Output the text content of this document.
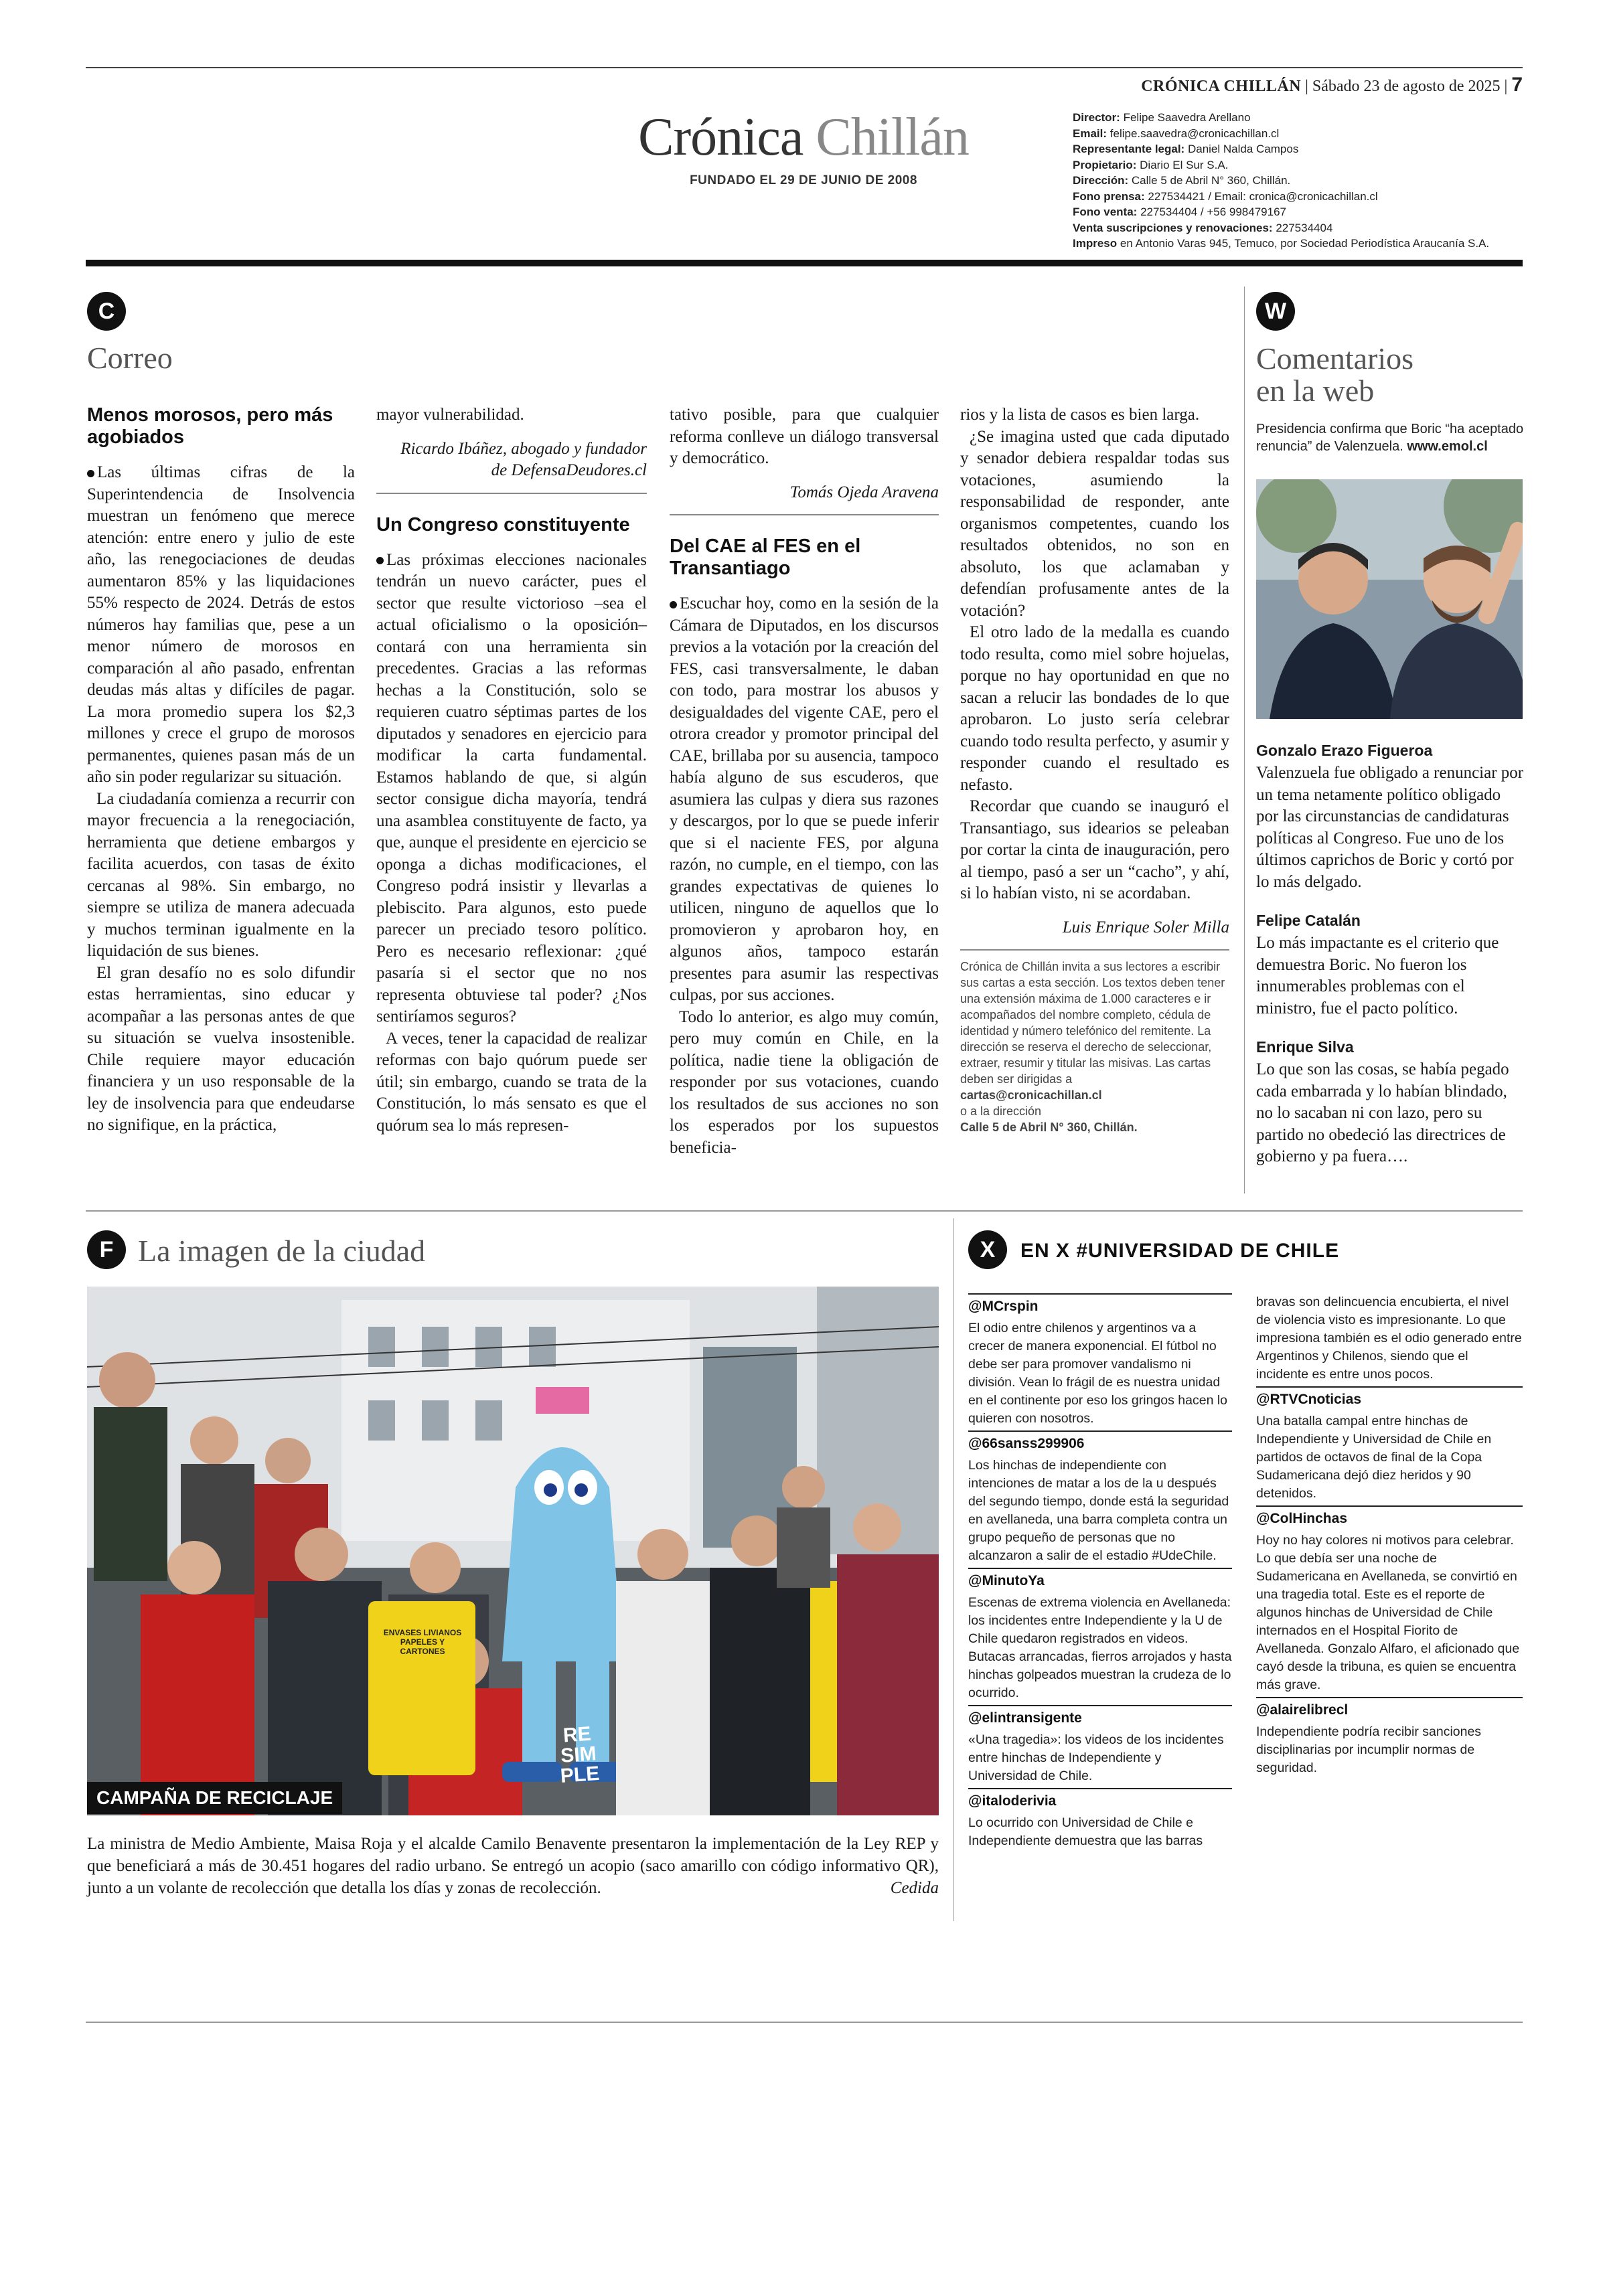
CRÓNICA CHILLÁN | Sábado 23 de agosto de 2025 | 7
Crónica Chillán
FUNDADO EL 29 DE JUNIO DE 2008
Director: Felipe Saavedra Arellano
Email: felipe.saavedra@cronicachillan.cl
Representante legal: Daniel Nalda Campos
Propietario: Diario El Sur S.A.
Dirección: Calle 5 de Abril N° 360, Chillán.
Fono prensa: 227534421 / Email: cronica@cronicachillan.cl
Fono venta: 227534404 / +56 998479167
Venta suscripciones y renovaciones: 227534404
Impreso en Antonio Varas 945, Temuco, por Sociedad Periodística Araucanía S.A.
C
Correo
Menos morosos, pero más agobiados

Las últimas cifras de la Superintendencia de Insolvencia muestran un fenómeno que merece atención: entre enero y julio de este año, las renegociaciones de deudas aumentaron 85% y las liquidaciones 55% respecto de 2024. Detrás de estos números hay familias que, pese a un menor número de morosos en comparación al año pasado, enfrentan deudas más altas y difíciles de pagar. La mora promedio supera los $2,3 millones y crece el grupo de morosos permanentes, quienes pasan más de un año sin poder regularizar su situación.

La ciudadanía comienza a recurrir con mayor frecuencia a la renegociación, herramienta que detiene embargos y facilita acuerdos, con tasas de éxito cercanas al 98%. Sin embargo, no siempre se utiliza de manera adecuada y muchos terminan igualmente en la liquidación de sus bienes.

El gran desafío no es solo difundir estas herramientas, sino educar y acompañar a las personas antes de que su situación se vuelva insostenible. Chile requiere mayor educación financiera y un uso responsable de la ley de insolvencia para que endeudarse no signifique, en la práctica,

mayor vulnerabilidad.

Ricardo Ibáñez, abogado y fundador de DefensaDeudores.cl

Un Congreso constituyente

Las próximas elecciones nacionales tendrán un nuevo carácter, pues el sector que resulte victorioso –sea el actual oficialismo o la oposición– contará con una herramienta sin precedentes. Gracias a las reformas hechas a la Constitución, solo se requieren cuatro séptimas partes de los diputados y senadores en ejercicio para modificar la carta fundamental. Estamos hablando de que, si algún sector consigue dicha mayoría, tendrá una asamblea constituyente de facto, ya que, aunque el presidente en ejercicio se oponga a dichas modificaciones, el Congreso podrá insistir y llevarlas a plebiscito. Para algunos, esto puede parecer un preciado tesoro político. Pero es necesario reflexionar: ¿qué pasaría si el sector que no nos representa obtuviese tal poder? ¿Nos sentiríamos seguros?

A veces, tener la capacidad de realizar reformas con bajo quórum puede ser útil; sin embargo, cuando se trata de la Constitución, lo más sensato es que el quórum sea lo más represen-

tativo posible, para que cualquier reforma conlleve un diálogo transversal y democrático.

Tomás Ojeda Aravena

Del CAE al FES en el Transantiago

Escuchar hoy, como en la sesión de la Cámara de Diputados, en los discursos previos a la votación por la creación del FES, casi transversalmente, le daban con todo, para mostrar los abusos y desigualdades del vigente CAE, pero el otrora creador y promotor principal del CAE, brillaba por su ausencia, tampoco había alguno de sus escuderos, que asumiera las culpas y diera sus razones y descargos, por lo que se puede inferir que si el naciente FES, por alguna razón, no cumple, en el tiempo, con las grandes expectativas de quienes lo utilicen, ninguno de aquellos que lo promovieron y aprobaron hoy, en algunos años, tampoco estarán presentes para asumir las respectivas culpas, por sus acciones.

Todo lo anterior, es algo muy común, pero muy común en Chile, en la política, nadie tiene la obligación de responder por sus votaciones, cuando los resultados de sus acciones no son los esperados por los supuestos beneficia-

rios y la lista de casos es bien larga.

¿Se imagina usted que cada diputado y senador debiera respaldar todas sus votaciones, asumiendo la responsabilidad de responder, ante organismos competentes, cuando los resultados obtenidos, no son en absoluto, los que aclamaban y defendían profusamente antes de la votación?

El otro lado de la medalla es cuando todo resulta, como miel sobre hojuelas, porque no hay oportunidad en que no sacan a relucir las bondades de lo que aprobaron. Lo justo sería celebrar cuando todo resulta perfecto, y asumir y responder cuando el resultado es nefasto.

Recordar que cuando se inauguró el Transantiago, sus idearios se peleaban por cortar la cinta de inauguración, pero al tiempo, pasó a ser un “cacho”, y ahí, si lo habían visto, ni se acordaban.

Luis Enrique Soler Milla

Crónica de Chillán invita a sus lectores a escribir sus cartas a esta sección. Los textos deben tener una extensión máxima de 1.000 caracteres e ir acompañados del nombre completo, cédula de identidad y número telefónico del remitente. La dirección se reserva el derecho de seleccionar, extraer, resumir y titular las misivas. Las cartas deben ser dirigidas a
cartas@cronicachillan.cl
o a la dirección
Calle 5 de Abril N° 360, Chillán.
W
Comentarios
en la web
Presidencia confirma que Boric “ha aceptado renuncia” de Valenzuela. www.emol.cl
Gonzalo Erazo Figueroa

Valenzuela fue obligado a renunciar por un tema netamente político obligado por las circunstancias de candidaturas políticas al Congreso. Fue uno de los últimos caprichos de Boric y cortó por lo más delgado.

Felipe Catalán

Lo más impactante es el criterio que demuestra Boric. No fueron los innumerables problemas con el ministro, fue el pacto político.

Enrique Silva

Lo que son las cosas, se había pegado cada embarrada y lo habían blindado, no lo sacaban ni con lazo, pero su partido no obedeció las directrices de gobierno y pa fuera….

F La imagen de la ciudad
RE SIM PLE
ENVASES LIVIANOS PAPELES Y CARTONES
CAMPAÑA DE RECICLAJE
La ministra de Medio Ambiente, Maisa Roja y el alcalde Camilo Benavente presentaron la implementación de la Ley REP y que beneficiará a más de 30.451 hogares del radio urbano. Se entregó un acopio (saco amarillo con código informativo QR), junto a un volante de recolección que detalla los días y zonas de recolección.	Cedida
X	EN X #UNIVERSIDAD DE CHILE
@MCrspin

El odio entre chilenos y argentinos va a crecer de manera exponencial. El fútbol no debe ser para promover vandalismo ni división. Vean lo frágil de es nuestra unidad en el continente por eso los gringos hacen lo quieren con nosotros.

@66sanss299906

Los hinchas de independiente con intenciones de matar a los de la u después del segundo tiempo, donde está la seguridad en avellaneda, una barra completa contra un grupo pequeño de personas que no alcanzaron a salir de el estadio #UdeChile.

@MinutoYa

Escenas de extrema violencia en Avellaneda: los incidentes entre Independiente y la U de Chile quedaron registrados en videos. Butacas arrancadas, fierros arrojados y hasta hinchas golpeados muestran la crudeza de lo ocurrido.

@elintransigente

«Una tragedia»: los videos de los incidentes entre hinchas de Independiente y Universidad de Chile.

@italoderivia

Lo ocurrido con Universidad de Chile e Independiente demuestra que las barras

bravas son delincuencia encubierta, el nivel de violencia visto es impresionante. Lo que impresiona también es el odio generado entre Argentinos y Chilenos, siendo que el incidente es entre unos pocos.

@RTVCnoticias

Una batalla campal entre hinchas de Independiente y Universidad de Chile en partidos de octavos de final de la Copa Sudamericana dejó diez heridos y 90 detenidos.

@ColHinchas

Hoy no hay colores ni motivos para celebrar. Lo que debía ser una noche de Sudamericana en Avellaneda, se convirtió en una tragedia total. Este es el reporte de algunos hinchas de Universidad de Chile internados en el Hospital Fiorito de Avellaneda. Gonzalo Alfaro, el aficionado que cayó desde la tribuna, es quien se encuentra más grave.

@alairelibrecl

Independiente podría recibir sanciones disciplinarias por incumplir normas de seguridad.
